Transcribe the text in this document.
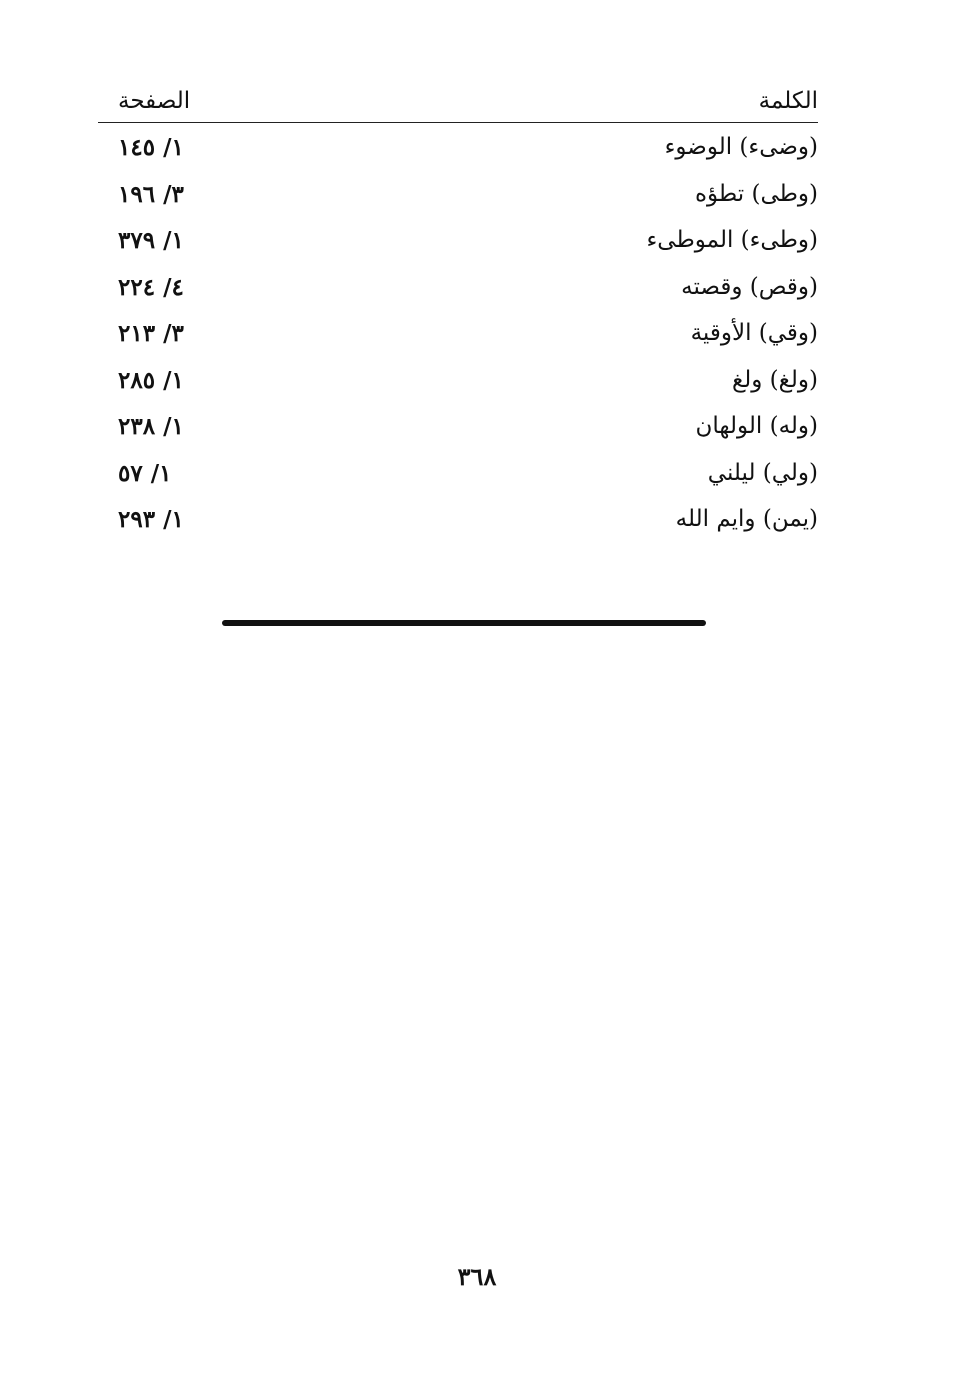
الكلمة
الصفحة
(وضىء) الوضوء
١/ ١٤٥
(وطى) تطؤه
٣/ ١٩٦
(وطىء) الموطىء
١/ ٣٧٩
(وقص) وقصته
٤/ ٢٢٤
(وقي) الأوقية
٣/ ٢١٣
(ولغ) ولغ
١/ ٢٨٥
(وله) الولهان
١/ ٢٣٨
(ولي) ليلني
١/ ٥٧
(يمن) وايم الله
١/ ٢٩٣
٣٦٨
